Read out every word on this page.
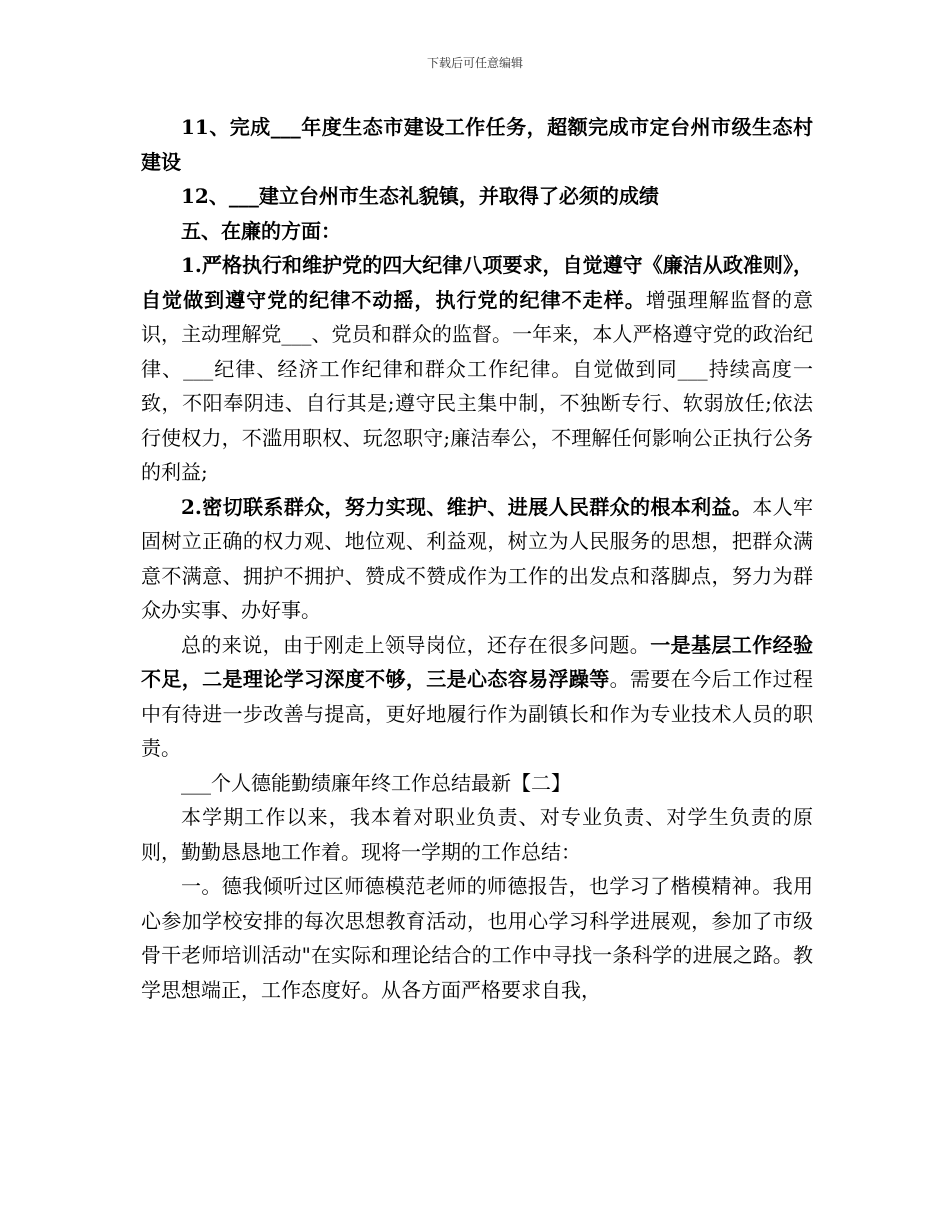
下载后可任意编辑

11、完成___年度生态市建设工作任务，超额完成市定台州市级生态村建设

12、___建立台州市生态礼貌镇，并取得了必须的成绩

五、在廉的方面：

1.严格执行和维护党的四大纪律八项要求，自觉遵守《廉洁从政准则》，自觉做到遵守党的纪律不动摇，执行党的纪律不走样。增强理解监督的意识，主动理解党___、党员和群众的监督。一年来，本人严格遵守党的政治纪律、___纪律、经济工作纪律和群众工作纪律。自觉做到同___持续高度一致，不阳奉阴违、自行其是;遵守民主集中制，不独断专行、软弱放任;依法行使权力，不滥用职权、玩忽职守;廉洁奉公，不理解任何影响公正执行公务的利益;

2.密切联系群众，努力实现、维护、进展人民群众的根本利益。本人牢固树立正确的权力观、地位观、利益观，树立为人民服务的思想，把群众满意不满意、拥护不拥护、赞成不赞成作为工作的出发点和落脚点，努力为群众办实事、办好事。

总的来说，由于刚走上领导岗位，还存在很多问题。一是基层工作经验不足，二是理论学习深度不够，三是心态容易浮躁等。需要在今后工作过程中有待进一步改善与提高，更好地履行作为副镇长和作为专业技术人员的职责。

___个人德能勤绩廉年终工作总结最新【二】

本学期工作以来，我本着对职业负责、对专业负责、对学生负责的原则，勤勤恳恳地工作着。现将一学期的工作总结：

一。德我倾听过区师德模范老师的师德报告，也学习了楷模精神。我用心参加学校安排的每次思想教育活动，也用心学习科学进展观，参加了市级骨干老师培训活动"在实际和理论结合的工作中寻找一条科学的进展之路。教学思想端正，工作态度好。从各方面严格要求自我，
